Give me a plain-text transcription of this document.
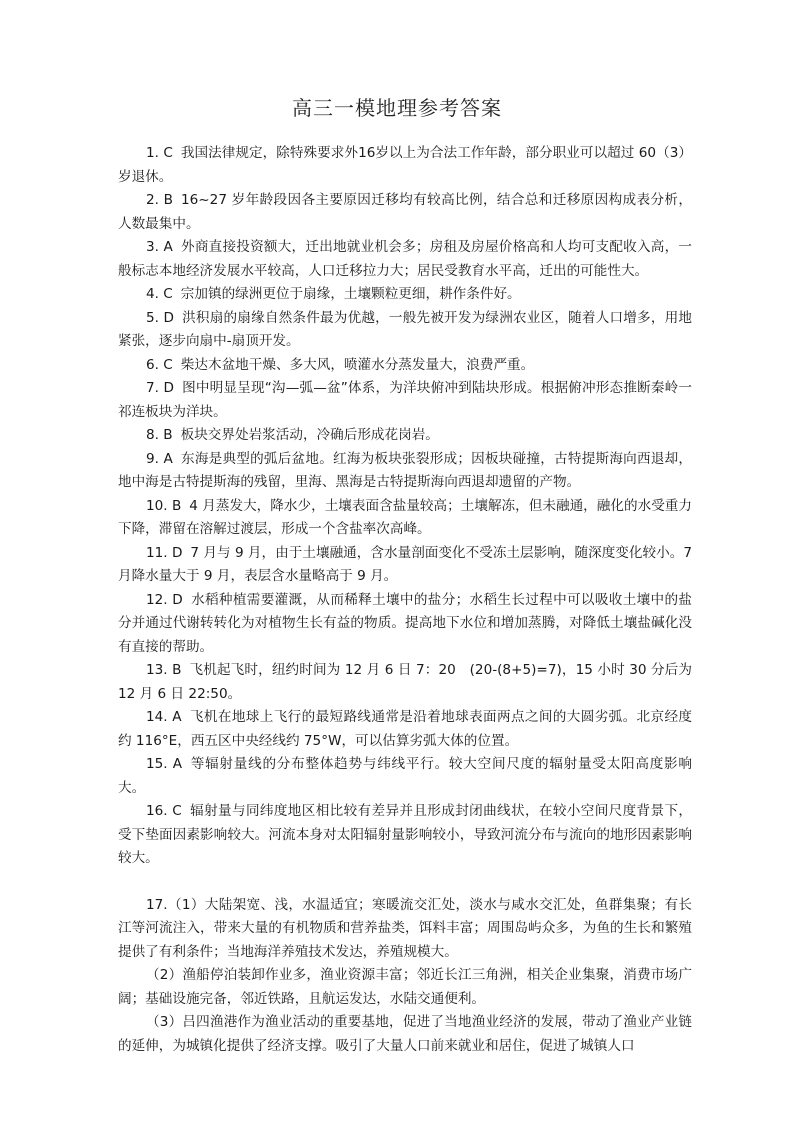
高三一模地理参考答案

1. C 我国法律规定，除特殊要求外16岁以上为合法工作年龄，部分职业可以超过 60（3）岁退休。

2. B 16~27 岁年龄段因各主要原因迁移均有较高比例，结合总和迁移原因构成表分析，人数最集中。

3. A 外商直接投资额大，迁出地就业机会多；房租及房屋价格高和人均可支配收入高，一般标志本地经济发展水平较高，人口迁移拉力大；居民受教育水平高，迁出的可能性大。

4. C 宗加镇的绿洲更位于扇缘，土壤颗粒更细，耕作条件好。

5. D 洪积扇的扇缘自然条件最为优越，一般先被开发为绿洲农业区，随着人口增多，用地紧张，逐步向扇中-扇顶开发。

6. C 柴达木盆地干燥、多大风，喷灌水分蒸发量大，浪费严重。

7. D 图中明显呈现“沟—弧—盆”体系，为洋块俯冲到陆块形成。根据俯冲形态推断秦岭一祁连板块为洋块。

8. B 板块交界处岩浆活动，冷确后形成花岗岩。

9. A 东海是典型的弧后盆地。红海为板块张裂形成；因板块碰撞，古特提斯海向西退却，地中海是古特提斯海的残留，里海、黑海是古特提斯海向西退却遗留的产物。

10. B 4 月蒸发大，降水少，土壤表面含盐量较高；土壤解冻，但未融通，融化的水受重力下降，滞留在溶解过渡层，形成一个含盐率次高峰。

11. D 7 月与 9 月，由于土壤融通，含水量剖面变化不受冻土层影响，随深度变化较小。7 月降水量大于 9 月，表层含水量略高于 9 月。

12. D 水稻种植需要灌溉，从而稀释土壤中的盐分；水稻生长过程中可以吸收土壤中的盐分并通过代谢转转化为对植物生长有益的物质。提高地下水位和增加蒸腾，对降低土壤盐碱化没有直接的帮助。

13. B 飞机起飞时，纽约时间为 12 月 6 日 7：20　(20-(8+5)=7)，15 小时 30 分后为 12 月 6 日 22:50。

14. A 飞机在地球上飞行的最短路线通常是沿着地球表面两点之间的大圆劣弧。北京经度约 116°E，西五区中央经线约 75°W，可以估算劣弧大体的位置。

15. A 等辐射量线的分布整体趋势与纬线平行。较大空间尺度的辐射量受太阳高度影响大。

16. C 辐射量与同纬度地区相比较有差异并且形成封闭曲线状，在较小空间尺度背景下，受下垫面因素影响较大。河流本身对太阳辐射量影响较小，导致河流分布与流向的地形因素影响较大。

17.（1）大陆架宽、浅，水温适宜；寒暖流交汇处，淡水与咸水交汇处，鱼群集聚；有长江等河流注入，带来大量的有机物质和营养盐类，饵料丰富；周围岛屿众多，为鱼的生长和繁殖提供了有利条件；当地海洋养殖技术发达，养殖规模大。

（2）渔船停泊装卸作业多，渔业资源丰富；邻近长江三角洲，相关企业集聚，消费市场广阔；基础设施完备，邻近铁路，且航运发达，水陆交通便利。

（3）吕四渔港作为渔业活动的重要基地，促进了当地渔业经济的发展，带动了渔业产业链的延伸，为城镇化提供了经济支撑。吸引了大量人口前来就业和居住，促进了城镇人口
